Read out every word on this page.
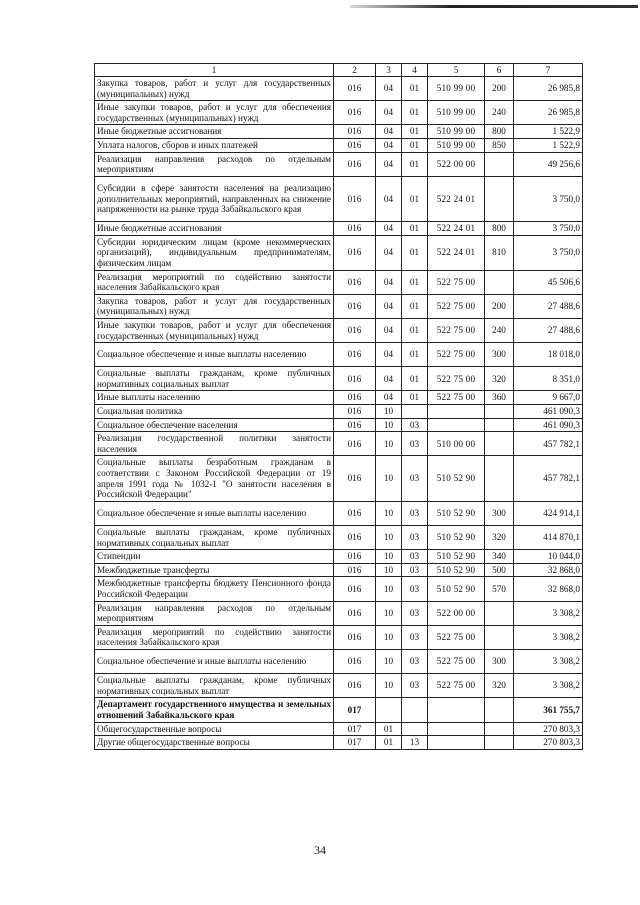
1	2	3	4	5	6	7
Закупка товаров, работ и услуг для государственных (муниципальных) нужд	016	04	01	510 99 00	200	26 985,8
Иные закупки товаров, работ и услуг для обеспечения государственных (муниципальных) нужд	016	04	01	510 99 00	240	26 985,8
Иные бюджетные ассигнования	016	04	01	510 99 00	800	1 522,9
Уплата налогов, сборов и иных платежей	016	04	01	510 99 00	850	1 522,9
Реализация направления расходов по отдельным мероприятиям	016	04	01	522 00 00		49 256,6
Субсидии в сфере занятости населения на реализацию дополнительных мероприятий, направленных на снижение напряженности на рынке труда Забайкальского края	016	04	01	522 24 01		3 750,0
Иные бюджетные ассигнования	016	04	01	522 24 01	800	3 750,0
Субсидии юридическим лицам (кроме некоммерческих организаций), индивидуальным предпринимателям, физическим лицам	016	04	01	522 24 01	810	3 750,0
Реализация мероприятий по содействию занятости населения Забайкальского края	016	04	01	522 75 00		45 506,6
Закупка товаров, работ и услуг для государственных (муниципальных) нужд	016	04	01	522 75 00	200	27 488,6
Иные закупки товаров, работ и услуг для обеспечения государственных (муниципальных) нужд	016	04	01	522 75 00	240	27 488,6
Социальное обеспечение и иные выплаты населению	016	04	01	522 75 00	300	18 018,0
Социальные выплаты гражданам, кроме публичных нормативных социальных выплат	016	04	01	522 75 00	320	8 351,0
Иные выплаты населению	016	04	01	522 75 00	360	9 667,0
Социальная политика	016	10				461 090,3
Социальное обеспечение населения	016	10	03			461 090,3
Реализация государственной политики занятости населения	016	10	03	510 00 00		457 782,1
Социальные выплаты безработным гражданам в соответствии с Законом Российской Федерации от 19 апреля 1991 года № 1032-1 "О занятости населения в Российской Федерации"	016	10	03	510 52 90		457 782,1
Социальное обеспечение и иные выплаты населению	016	10	03	510 52 90	300	424 914,1
Социальные выплаты гражданам, кроме публичных нормативных социальных выплат	016	10	03	510 52 90	320	414 870,1
Стипендии	016	10	03	510 52 90	340	10 044,0
Межбюджетные трансферты	016	10	03	510 52 90	500	32 868,0
Межбюджетные трансферты бюджету Пенсионного фонда Российской Федерации	016	10	03	510 52 90	570	32 868,0
Реализация направления расходов по отдельным мероприятиям	016	10	03	522 00 00		3 308,2
Реализация мероприятий по содействию занятости населения Забайкальского края	016	10	03	522 75 00		3 308,2
Социальное обеспечение и иные выплаты населению	016	10	03	522 75 00	300	3 308,2
Социальные выплаты гражданам, кроме публичных нормативных социальных выплат	016	10	03	522 75 00	320	3 308,2
Департамент государственного имущества и земельных отношений Забайкальского края	017					361 755,7
Общегосударственные вопросы	017	01				270 803,3
Другие общегосударственные вопросы	017	01	13			270 803,3
34
